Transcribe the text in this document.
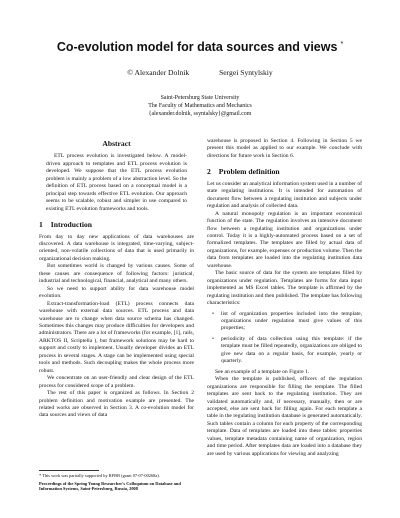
Co-evolution model for data sources and views *
© Alexander Dolnik	Sergei Syntylskiy
Saint-Petersburg State University
The Faculty of Mathematics and Mechanics
{alexander.dolnik, ssyntalsky}@gmail.com
Abstract

ETL process evolution is investigated below. A model-driven approach to templates and ETL process evolution is developed. We suppose that the ETL process evolution problem is mainly a problem of a low abstraction level. So the definition of ETL process based on a conceptual model is a principal step towards effective ETL evolution. Our approach seems to be scalable, robust and simpler in use compared to existing ETL evolution frameworks and tools.

1 Introduction

From day to day new applications of data warehouses are discovered. A data warehouse is integrated, time-varying, subject-oriented, non-volatile collections of data that is used primarily in organizational decision making.

But sometimes world is changed by various causes. Some of these causes are consequence of following factors: juristical, industrial and technological, financial, analytical and many others.

So we need to support ability for data warehouse model evolution.

Extract-transformation-load (ETL) process connects data warehouse with external data sources. ETL process and data warehouse are to change when data source schema has changed. Sometimes this changes may produce difficulties for developers and administrators. There are a lot of frameworks (for example, [1], rails, ARKTOS II, Scriptella ), but framework solutions may be hard to support and costly to implement. Usually developer divides an ETL process in several stages. A stage can be implemented using special tools and methods. Such decoupling makes the whole process more robust.

We concentrate on an user-friendly and clear design of the ETL process for considered scope of a problem.

The rest of this paper is organized as follows. In Section 2 problem definition and motivation example are presented. The related works are observed in Section 3. A co-evolution model for data sources and views of data

warehouse is proposed in Section 4. Following in Section 5 we present this model as applied to our example. We conclude with directions for future work in Section 6.

2 Problem definition

Let us consider an analytical information system used in a number of state regulating institutions. It is intended for automation of document flow between a regulating institution and subjects under regulation and analysis of collected data.

A natural monopoly regulation is an important economical function of the state. The regulation involves an intensive document flow between a regulating institution and organizations under control. Today it is a highly-automated process based on a set of formalized templates. The templates are filled by actual data of organizations, for example, expenses or production volume. Then the data from templates are loaded into the regulating institution data warehouse.

The basic source of data for the system are templates filled by organizations under regulation. Templates are forms for data input implemented as MS Excel tables. The template is affirmed by the regulating institution and then published. The template has following characteristics:

• list of organization properties included into the template, organizations under regulation must give values of this properties;
• periodicity of data collection using this template: if the template must be filled repeatedly, organizations are obliged to give new data on a regular basis, for example, yearly or quarterly.

See an example of a template on Figure 1.

When the template is published, officers of the regulation organizations are responsible for filling the template. The filled templates are sent back to the regulating institution. They are validated automatically and, if necessary, manually, then or are accepted, else are sent back for filling again. For each template a table in the regulating institution database is generated automatically. Such tables contain a column for each property of the corresponding template. Data of templates are loaded into these tables: properties values, template metadata containing name of organization, region and time period. After templates data are loaded into a database they are used by various applications for viewing and analyzing

* This work was partially supported by RFBR (grant 07-07-00268a).
Proceedings of the Spring Young Researcher's Colloquium on Database and Information Systems, Saint-Petersburg, Russia, 2008
